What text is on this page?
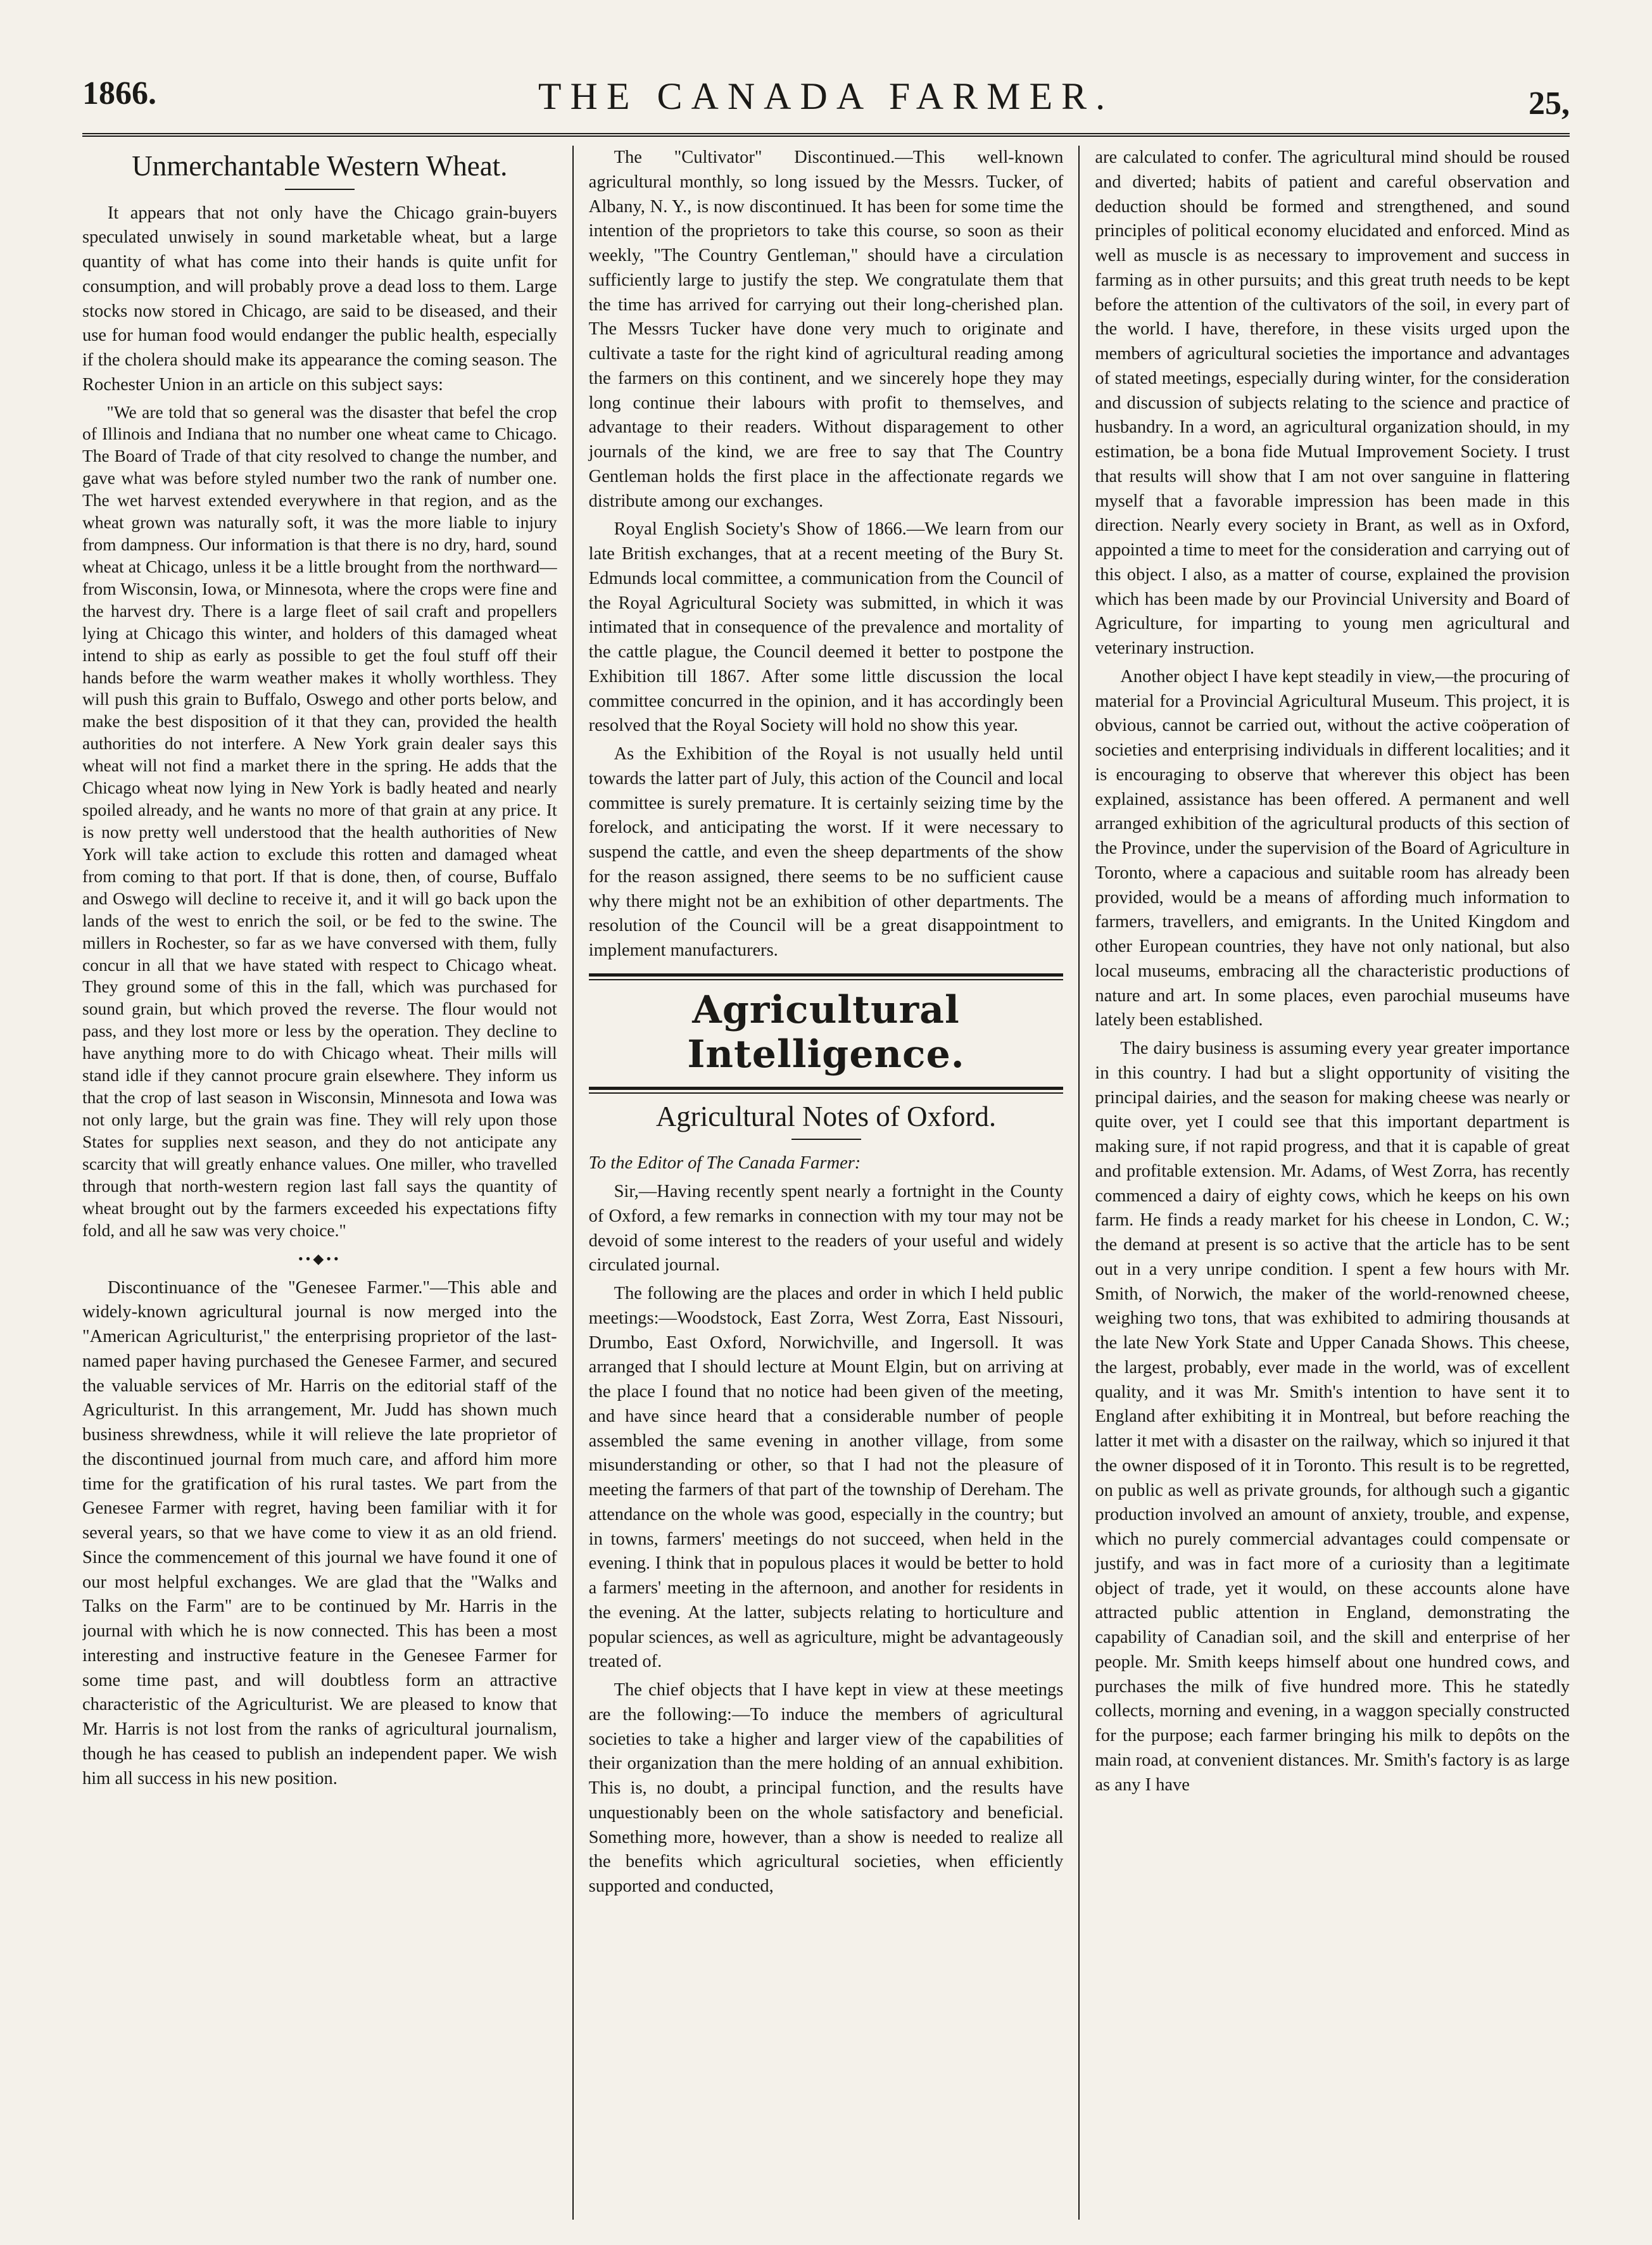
1866.	THE CANADA FARMER.	25,
Unmerchantable Western Wheat.

It appears that not only have the Chicago grain-buyers speculated unwisely in sound marketable wheat, but a large quantity of what has come into their hands is quite unfit for consumption, and will probably prove a dead loss to them. Large stocks now stored in Chicago, are said to be diseased, and their use for human food would endanger the public health, especially if the cholera should make its appearance the coming season. The Rochester Union in an article on this subject says:

"We are told that so general was the disaster that befel the crop of Illinois and Indiana that no number one wheat came to Chicago. The Board of Trade of that city resolved to change the number, and gave what was before styled number two the rank of number one. The wet harvest extended everywhere in that region, and as the wheat grown was naturally soft, it was the more liable to injury from dampness. Our information is that there is no dry, hard, sound wheat at Chicago, unless it be a little brought from the northward—from Wisconsin, Iowa, or Minnesota, where the crops were fine and the harvest dry. There is a large fleet of sail craft and propellers lying at Chicago this winter, and holders of this damaged wheat intend to ship as early as possible to get the foul stuff off their hands before the warm weather makes it wholly worthless. They will push this grain to Buffalo, Oswego and other ports below, and make the best disposition of it that they can, provided the health authorities do not interfere. A New York grain dealer says this wheat will not find a market there in the spring. He adds that the Chicago wheat now lying in New York is badly heated and nearly spoiled already, and he wants no more of that grain at any price. It is now pretty well understood that the health authorities of New York will take action to exclude this rotten and damaged wheat from coming to that port. If that is done, then, of course, Buffalo and Oswego will decline to receive it, and it will go back upon the lands of the west to enrich the soil, or be fed to the swine. The millers in Rochester, so far as we have conversed with them, fully concur in all that we have stated with respect to Chicago wheat. They ground some of this in the fall, which was purchased for sound grain, but which proved the reverse. The flour would not pass, and they lost more or less by the operation. They decline to have anything more to do with Chicago wheat. Their mills will stand idle if they cannot procure grain elsewhere. They inform us that the crop of last season in Wisconsin, Minnesota and Iowa was not only large, but the grain was fine. They will rely upon those States for supplies next season, and they do not anticipate any scarcity that will greatly enhance values. One miller, who travelled through that north-western region last fall says the quantity of wheat brought out by the farmers exceeded his expectations fifty fold, and all he saw was very choice."

••◆••

Discontinuance of the "Genesee Farmer."—This able and widely-known agricultural journal is now merged into the "American Agriculturist," the enterprising proprietor of the last-named paper having purchased the Genesee Farmer, and secured the valuable services of Mr. Harris on the editorial staff of the Agriculturist. In this arrangement, Mr. Judd has shown much business shrewdness, while it will relieve the late proprietor of the discontinued journal from much care, and afford him more time for the gratification of his rural tastes. We part from the Genesee Farmer with regret, having been familiar with it for several years, so that we have come to view it as an old friend. Since the commencement of this journal we have found it one of our most helpful exchanges. We are glad that the "Walks and Talks on the Farm" are to be continued by Mr. Harris in the journal with which he is now connected. This has been a most interesting and instructive feature in the Genesee Farmer for some time past, and will doubtless form an attractive characteristic of the Agriculturist. We are pleased to know that Mr. Harris is not lost from the ranks of agricultural journalism, though he has ceased to publish an independent paper. We wish him all success in his new position.

The "Cultivator" Discontinued.—This well-known agricultural monthly, so long issued by the Messrs. Tucker, of Albany, N. Y., is now discontinued. It has been for some time the intention of the proprietors to take this course, so soon as their weekly, "The Country Gentleman," should have a circulation sufficiently large to justify the step. We congratulate them that the time has arrived for carrying out their long-cherished plan. The Messrs Tucker have done very much to originate and cultivate a taste for the right kind of agricultural reading among the farmers on this continent, and we sincerely hope they may long continue their labours with profit to themselves, and advantage to their readers. Without disparagement to other journals of the kind, we are free to say that The Country Gentleman holds the first place in the affectionate regards we distribute among our exchanges.

Royal English Society's Show of 1866.—We learn from our late British exchanges, that at a recent meeting of the Bury St. Edmunds local committee, a communication from the Council of the Royal Agricultural Society was submitted, in which it was intimated that in consequence of the prevalence and mortality of the cattle plague, the Council deemed it better to postpone the Exhibition till 1867. After some little discussion the local committee concurred in the opinion, and it has accordingly been resolved that the Royal Society will hold no show this year.

As the Exhibition of the Royal is not usually held until towards the latter part of July, this action of the Council and local committee is surely premature. It is certainly seizing time by the forelock, and anticipating the worst. If it were necessary to suspend the cattle, and even the sheep departments of the show for the reason assigned, there seems to be no sufficient cause why there might not be an exhibition of other departments. The resolution of the Council will be a great disappointment to implement manufacturers.

Agricultural Intelligence.
Agricultural Notes of Oxford.

To the Editor of The Canada Farmer:

Sir,—Having recently spent nearly a fortnight in the County of Oxford, a few remarks in connection with my tour may not be devoid of some interest to the readers of your useful and widely circulated journal.

The following are the places and order in which I held public meetings:—Woodstock, East Zorra, West Zorra, East Nissouri, Drumbo, East Oxford, Norwichville, and Ingersoll. It was arranged that I should lecture at Mount Elgin, but on arriving at the place I found that no notice had been given of the meeting, and have since heard that a considerable number of people assembled the same evening in another village, from some misunderstanding or other, so that I had not the pleasure of meeting the farmers of that part of the township of Dereham. The attendance on the whole was good, especially in the country; but in towns, farmers' meetings do not succeed, when held in the evening. I think that in populous places it would be better to hold a farmers' meeting in the afternoon, and another for residents in the evening. At the latter, subjects relating to horticulture and popular sciences, as well as agriculture, might be advantageously treated of.

The chief objects that I have kept in view at these meetings are the following:—To induce the members of agricultural societies to take a higher and larger view of the capabilities of their organization than the mere holding of an annual exhibition. This is, no doubt, a principal function, and the results have unquestionably been on the whole satisfactory and beneficial. Something more, however, than a show is needed to realize all the benefits which agricultural societies, when efficiently supported and conducted,

are calculated to confer. The agricultural mind should be roused and diverted; habits of patient and careful observation and deduction should be formed and strengthened, and sound principles of political economy elucidated and enforced. Mind as well as muscle is as necessary to improvement and success in farming as in other pursuits; and this great truth needs to be kept before the attention of the cultivators of the soil, in every part of the world. I have, therefore, in these visits urged upon the members of agricultural societies the importance and advantages of stated meetings, especially during winter, for the consideration and discussion of subjects relating to the science and practice of husbandry. In a word, an agricultural organization should, in my estimation, be a bona fide Mutual Improvement Society. I trust that results will show that I am not over sanguine in flattering myself that a favorable impression has been made in this direction. Nearly every society in Brant, as well as in Oxford, appointed a time to meet for the consideration and carrying out of this object. I also, as a matter of course, explained the provision which has been made by our Provincial University and Board of Agriculture, for imparting to young men agricultural and veterinary instruction.

Another object I have kept steadily in view,—the procuring of material for a Provincial Agricultural Museum. This project, it is obvious, cannot be carried out, without the active coöperation of societies and enterprising individuals in different localities; and it is encouraging to observe that wherever this object has been explained, assistance has been offered. A permanent and well arranged exhibition of the agricultural products of this section of the Province, under the supervision of the Board of Agriculture in Toronto, where a capacious and suitable room has already been provided, would be a means of affording much information to farmers, travellers, and emigrants. In the United Kingdom and other European countries, they have not only national, but also local museums, embracing all the characteristic productions of nature and art. In some places, even parochial museums have lately been established.

The dairy business is assuming every year greater importance in this country. I had but a slight opportunity of visiting the principal dairies, and the season for making cheese was nearly or quite over, yet I could see that this important department is making sure, if not rapid progress, and that it is capable of great and profitable extension. Mr. Adams, of West Zorra, has recently commenced a dairy of eighty cows, which he keeps on his own farm. He finds a ready market for his cheese in London, C. W.; the demand at present is so active that the article has to be sent out in a very unripe condition. I spent a few hours with Mr. Smith, of Norwich, the maker of the world-renowned cheese, weighing two tons, that was exhibited to admiring thousands at the late New York State and Upper Canada Shows. This cheese, the largest, probably, ever made in the world, was of excellent quality, and it was Mr. Smith's intention to have sent it to England after exhibiting it in Montreal, but before reaching the latter it met with a disaster on the railway, which so injured it that the owner disposed of it in Toronto. This result is to be regretted, on public as well as private grounds, for although such a gigantic production involved an amount of anxiety, trouble, and expense, which no purely commercial advantages could compensate or justify, and was in fact more of a curiosity than a legitimate object of trade, yet it would, on these accounts alone have attracted public attention in England, demonstrating the capability of Canadian soil, and the skill and enterprise of her people. Mr. Smith keeps himself about one hundred cows, and purchases the milk of five hundred more. This he statedly collects, morning and evening, in a waggon specially constructed for the purpose; each farmer bringing his milk to depôts on the main road, at convenient distances. Mr. Smith's factory is as large as any I have
